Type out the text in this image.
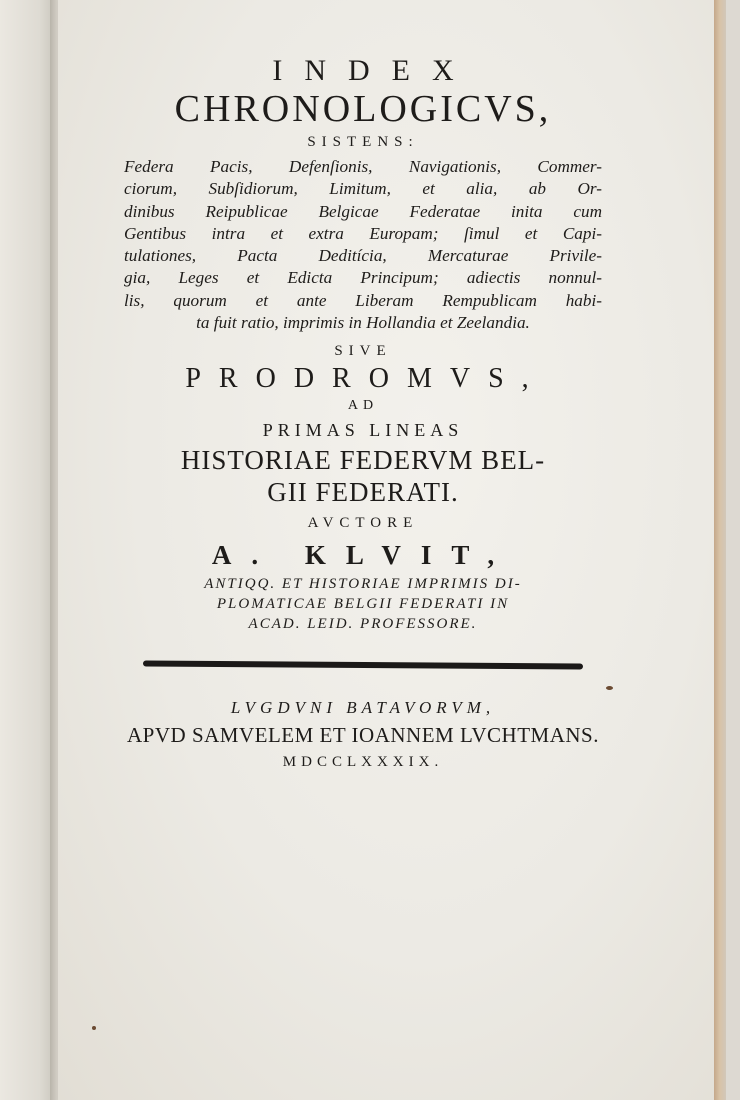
INDEX
CHRONOLOGICVS,
SISTENS:
Federa Pacis, Defenſionis, Navigationis, Commer-
ciorum, Subſidiorum, Limitum, et alia, ab Or-
dinibus Reipublicae Belgicae Federatae inita cum
Gentibus intra et extra Europam; ſimul et Capi-
tulationes, Pacta Deditícia, Mercaturae Privile-
gia, Leges et Edicta Principum; adiectis nonnul-
lis, quorum et ante Liberam Rempublicam habi-
ta fuit ratio, imprimis in Hollandia et Zeelandia.
SIVE
PRODROMVS,
AD
PRIMAS LINEAS
HISTORIAE FEDERVM BEL-
GII FEDERATI.
AVCTORE
A. KLVIT,
ANTIQQ. ET HISTORIAE IMPRIMIS DI-
PLOMATICAE BELGII FEDERATI IN
ACAD. LEID. PROFESSORE.
LVGDVNI BATAVORVM,
APVD SAMVELEM ET IOANNEM LVCHTMANS.
MDCCLXXXIX.
